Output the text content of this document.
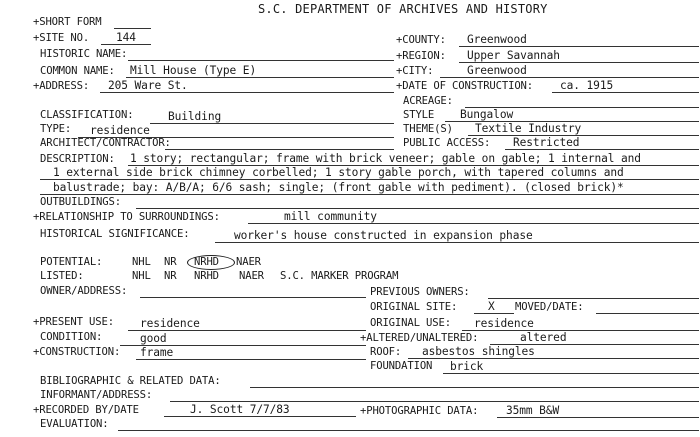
S.C. DEPARTMENT OF ARCHIVES AND HISTORY
+SHORT FORM
+SITE NO. 144	+COUNTY: Greenwood
HISTORIC NAME:	+REGION: Upper Savannah
COMMON NAME: Mill House (Type E)	+CITY:	Greenwood
+ADDRESS: 205 Ware St.	+DATE OF CONSTRUCTION: ca. 1915
ACREAGE:
CLASSIFICATION:	Building	STYLE Bungalow
TYPE: residence	THEME(S) Textile Industry
ARCHITECT/CONTRACTOR:	PUBLIC ACCESS: Restricted
DESCRIPTION: 1 story; rectangular; frame with brick veneer; gable on gable; 1 internal and
1 external side brick chimney corbelled; 1 story gable porch, with tapered columns and
balustrade; bay: A/B/A; 6/6 sash; single; (front gable with pediment). (closed brick)*
OUTBUILDINGS:
+RELATIONSHIP TO SURROUNDINGS:	mill community
HISTORICAL SIGNIFICANCE:	worker's house constructed in expansion phase
POTENTIAL:	NHL NR NRHD NAER
LISTED:	NHL NR NRHD NAER S.C. MARKER PROGRAM
OWNER/ADDRESS:	PREVIOUS OWNERS:
ORIGINAL SITE:	X MOVED/DATE:
+PRESENT USE: residence	ORIGINAL USE: residence
CONDITION:	good	+ALTERED/UNALTERED:	altered
+CONSTRUCTION: frame	ROOF: asbestos shingles
FOUNDATION brick
BIBLIOGRAPHIC & RELATED DATA:
INFORMANT/ADDRESS:
+RECORDED BY/DATE	J. Scott 7/7/83	+PHOTOGRAPHIC DATA: 35mm B&W
EVALUATION:
